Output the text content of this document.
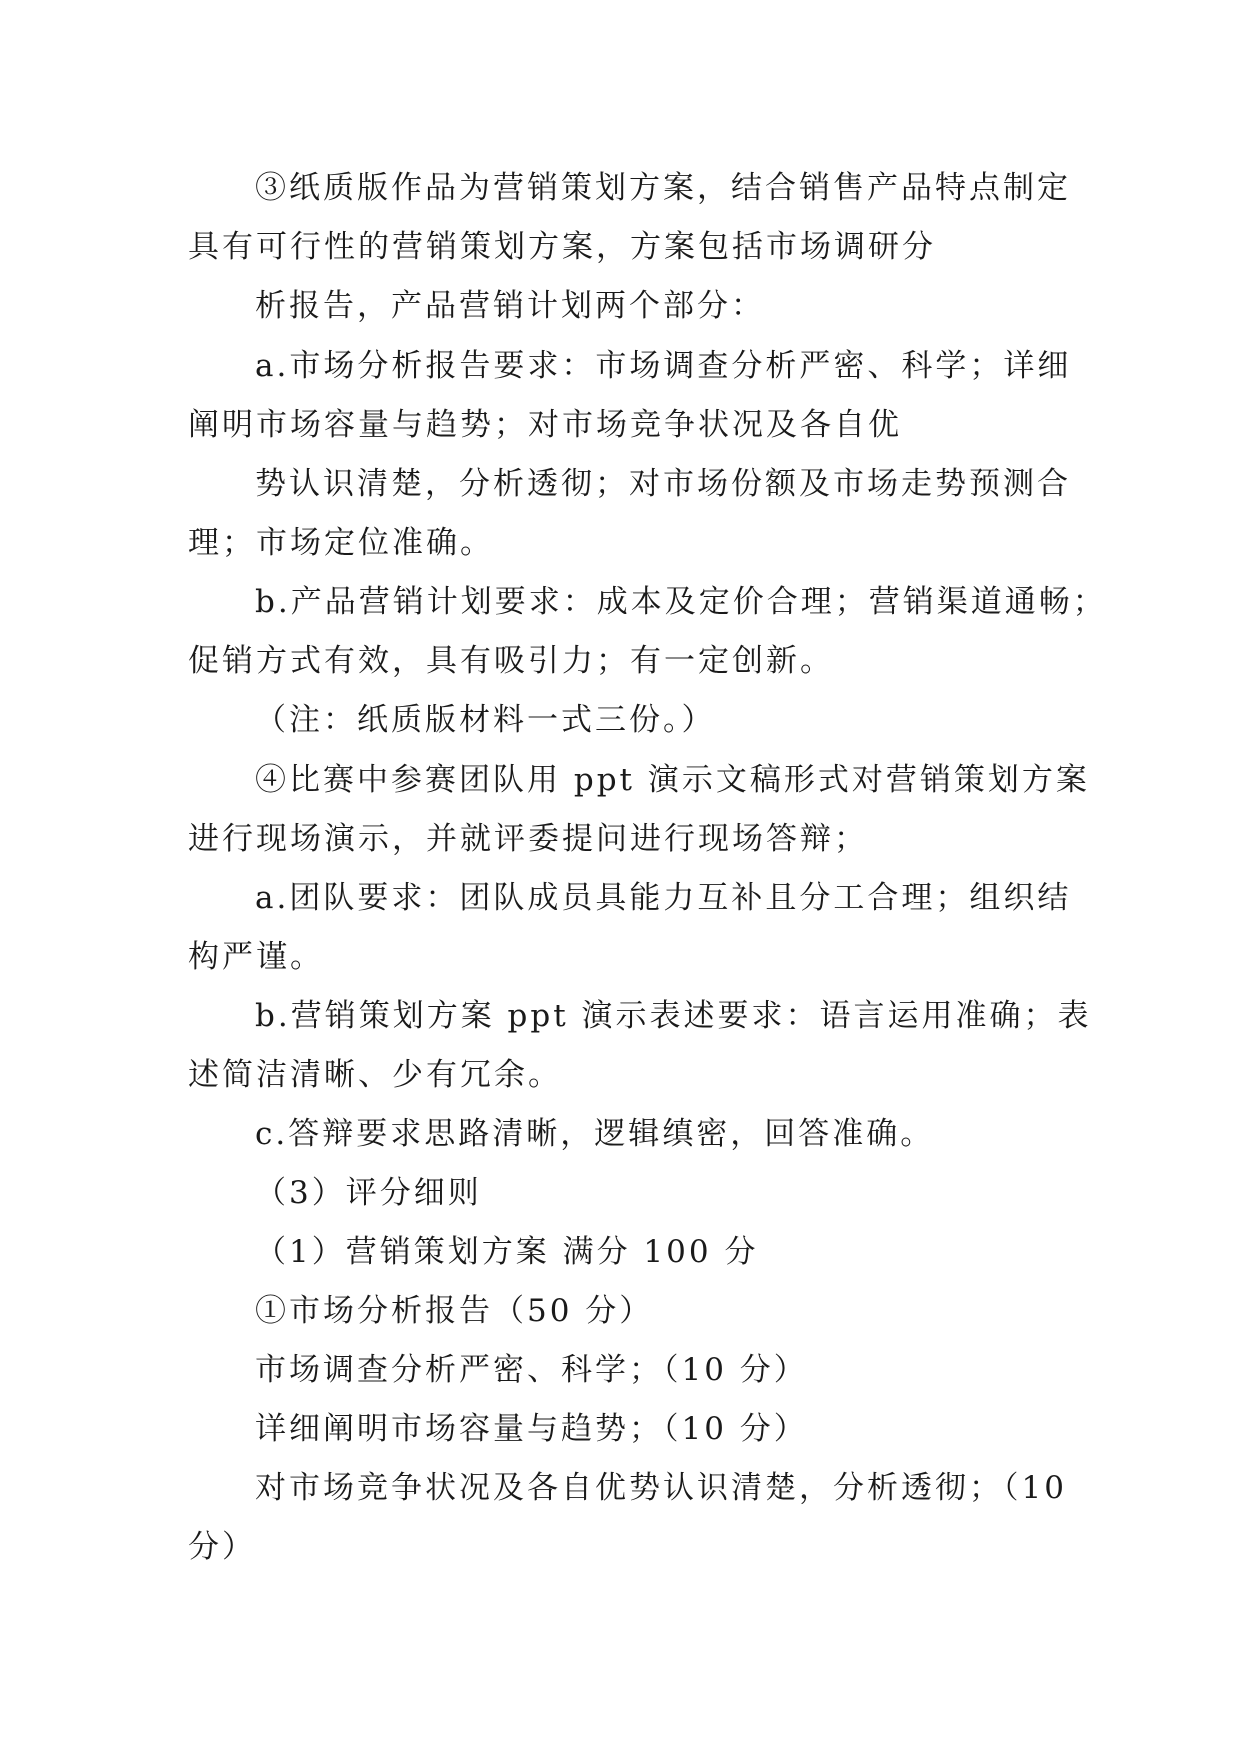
③纸质版作品为营销策划方案，结合销售产品特点制定
具有可行性的营销策划方案，方案包括市场调研分
析报告，产品营销计划两个部分：
a.市场分析报告要求：市场调查分析严密、科学；详细
阐明市场容量与趋势；对市场竞争状况及各自优
势认识清楚，分析透彻；对市场份额及市场走势预测合
理；市场定位准确。
b.产品营销计划要求：成本及定价合理；营销渠道通畅；
促销方式有效，具有吸引力；有一定创新。
（注：纸质版材料一式三份。）
④比赛中参赛团队用 ppt 演示文稿形式对营销策划方案
进行现场演示，并就评委提问进行现场答辩；
a.团队要求：团队成员具能力互补且分工合理；组织结
构严谨。
b.营销策划方案 ppt 演示表述要求：语言运用准确；表
述简洁清晰、少有冗余。
c.答辩要求思路清晰，逻辑缜密，回答准确。
（3）评分细则
（1）营销策划方案 满分 100 分
①市场分析报告（50 分）
市场调查分析严密、科学；（10 分）
详细阐明市场容量与趋势；（10 分）
对市场竞争状况及各自优势认识清楚，分析透彻；（10
分）
